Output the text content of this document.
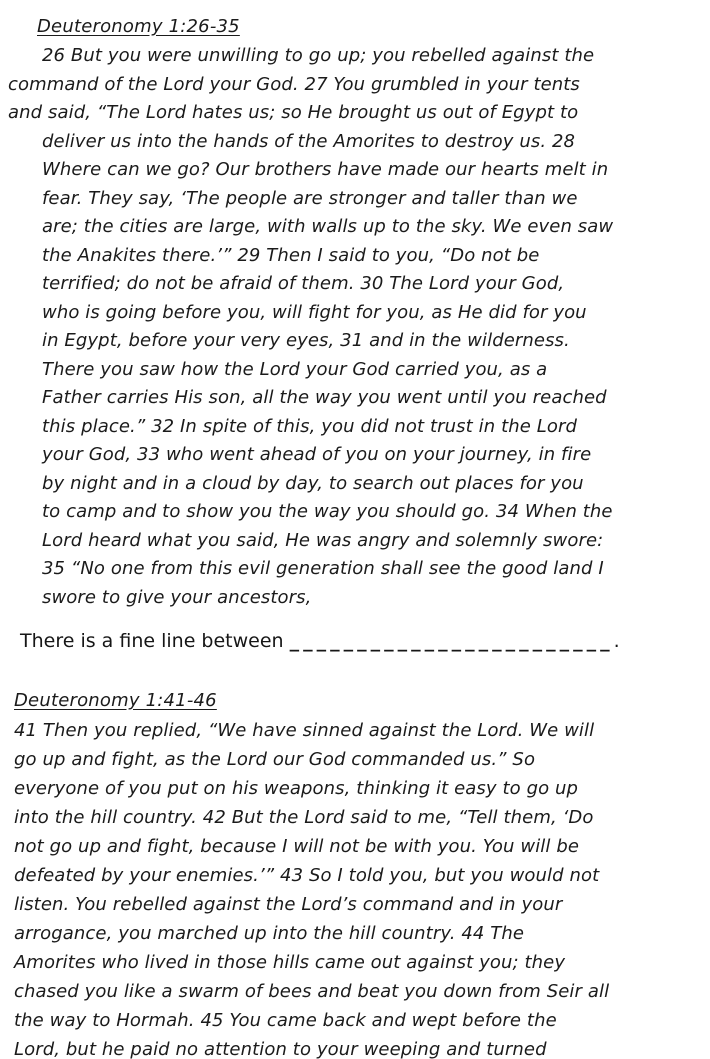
Deuteronomy 1:26-35
26 But you were unwilling to go up; you rebelled against the
command of the Lord your God. 27 You grumbled in your tents
and said, “The Lord hates us; so He brought us out of Egypt to
deliver us into the hands of the Amorites to destroy us. 28
Where can we go? Our brothers have made our hearts melt in
fear. They say, ‘The people are stronger and taller than we
are; the cities are large, with walls up to the sky. We even saw
the Anakites there.’” 29 Then I said to you, “Do not be
terrified; do not be afraid of them. 30 The Lord your God,
who is going before you, will fight for you, as He did for you
in Egypt, before your very eyes, 31 and in the wilderness.
There you saw how the Lord your God carried you, as a
Father carries His son, all the way you went until you reached
this place.” 32 In spite of this, you did not trust in the Lord
your God, 33 who went ahead of you on your journey, in fire
by night and in a cloud by day, to search out places for you
to camp and to show you the way you should go. 34 When the
Lord heard what you said, He was angry and solemnly swore:
35 “No one from this evil generation shall see the good land I
swore to give your ancestors,
There is a fine line between ________________________.
Deuteronomy 1:41-46
41 Then you replied, “We have sinned against the Lord. We will
go up and fight, as the Lord our God commanded us.” So
everyone of you put on his weapons, thinking it easy to go up
into the hill country. 42 But the Lord said to me, “Tell them, ‘Do
not go up and fight, because I will not be with you. You will be
defeated by your enemies.’” 43 So I told you, but you would not
listen. You rebelled against the Lord’s command and in your
arrogance, you marched up into the hill country. 44 The
Amorites who lived in those hills came out against you; they
chased you like a swarm of bees and beat you down from Seir all
the way to Hormah. 45 You came back and wept before the
Lord, but he paid no attention to your weeping and turned
